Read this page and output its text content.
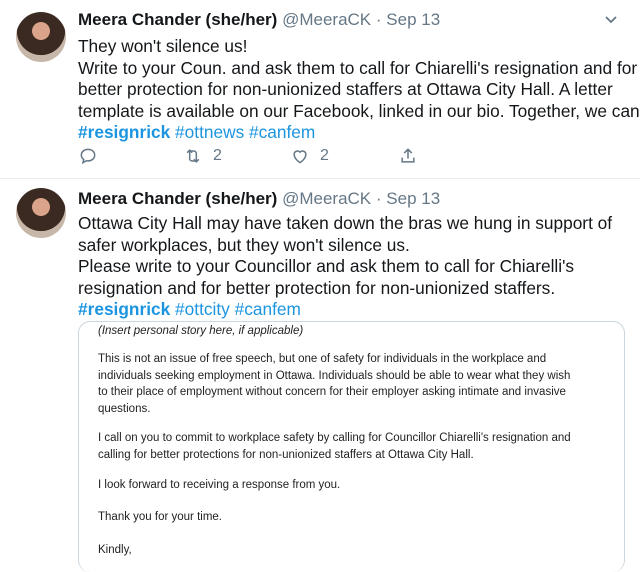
Meera Chander (she/her) @MeeraCK · Sep 13
They won't silence us!
Write to your Coun. and ask them to call for Chiarelli's resignation and for
better protection for non-unionized staffers at Ottawa City Hall. A letter
template is available on our Facebook, linked in our bio. Together, we can
#resignrick #ottnews #canfem
2	2
Meera Chander (she/her) @MeeraCK · Sep 13
Ottawa City Hall may have taken down the bras we hung in support of
safer workplaces, but they won't silence us.
Please write to your Councillor and ask them to call for Chiarelli's
resignation and for better protection for non-unionized staffers.
#resignrick #ottcity #canfem
(Insert personal story here, if applicable)
This is not an issue of free speech, but one of safety for individuals in the workplace and
individuals seeking employment in Ottawa. Individuals should be able to wear what they wish
to their place of employment without concern for their employer asking intimate and invasive
questions.
I call on you to commit to workplace safety by calling for Councillor Chiarelli's resignation and
calling for better protections for non-unionized staffers at Ottawa City Hall.
I look forward to receiving a response from you.
Thank you for your time.
Kindly,
